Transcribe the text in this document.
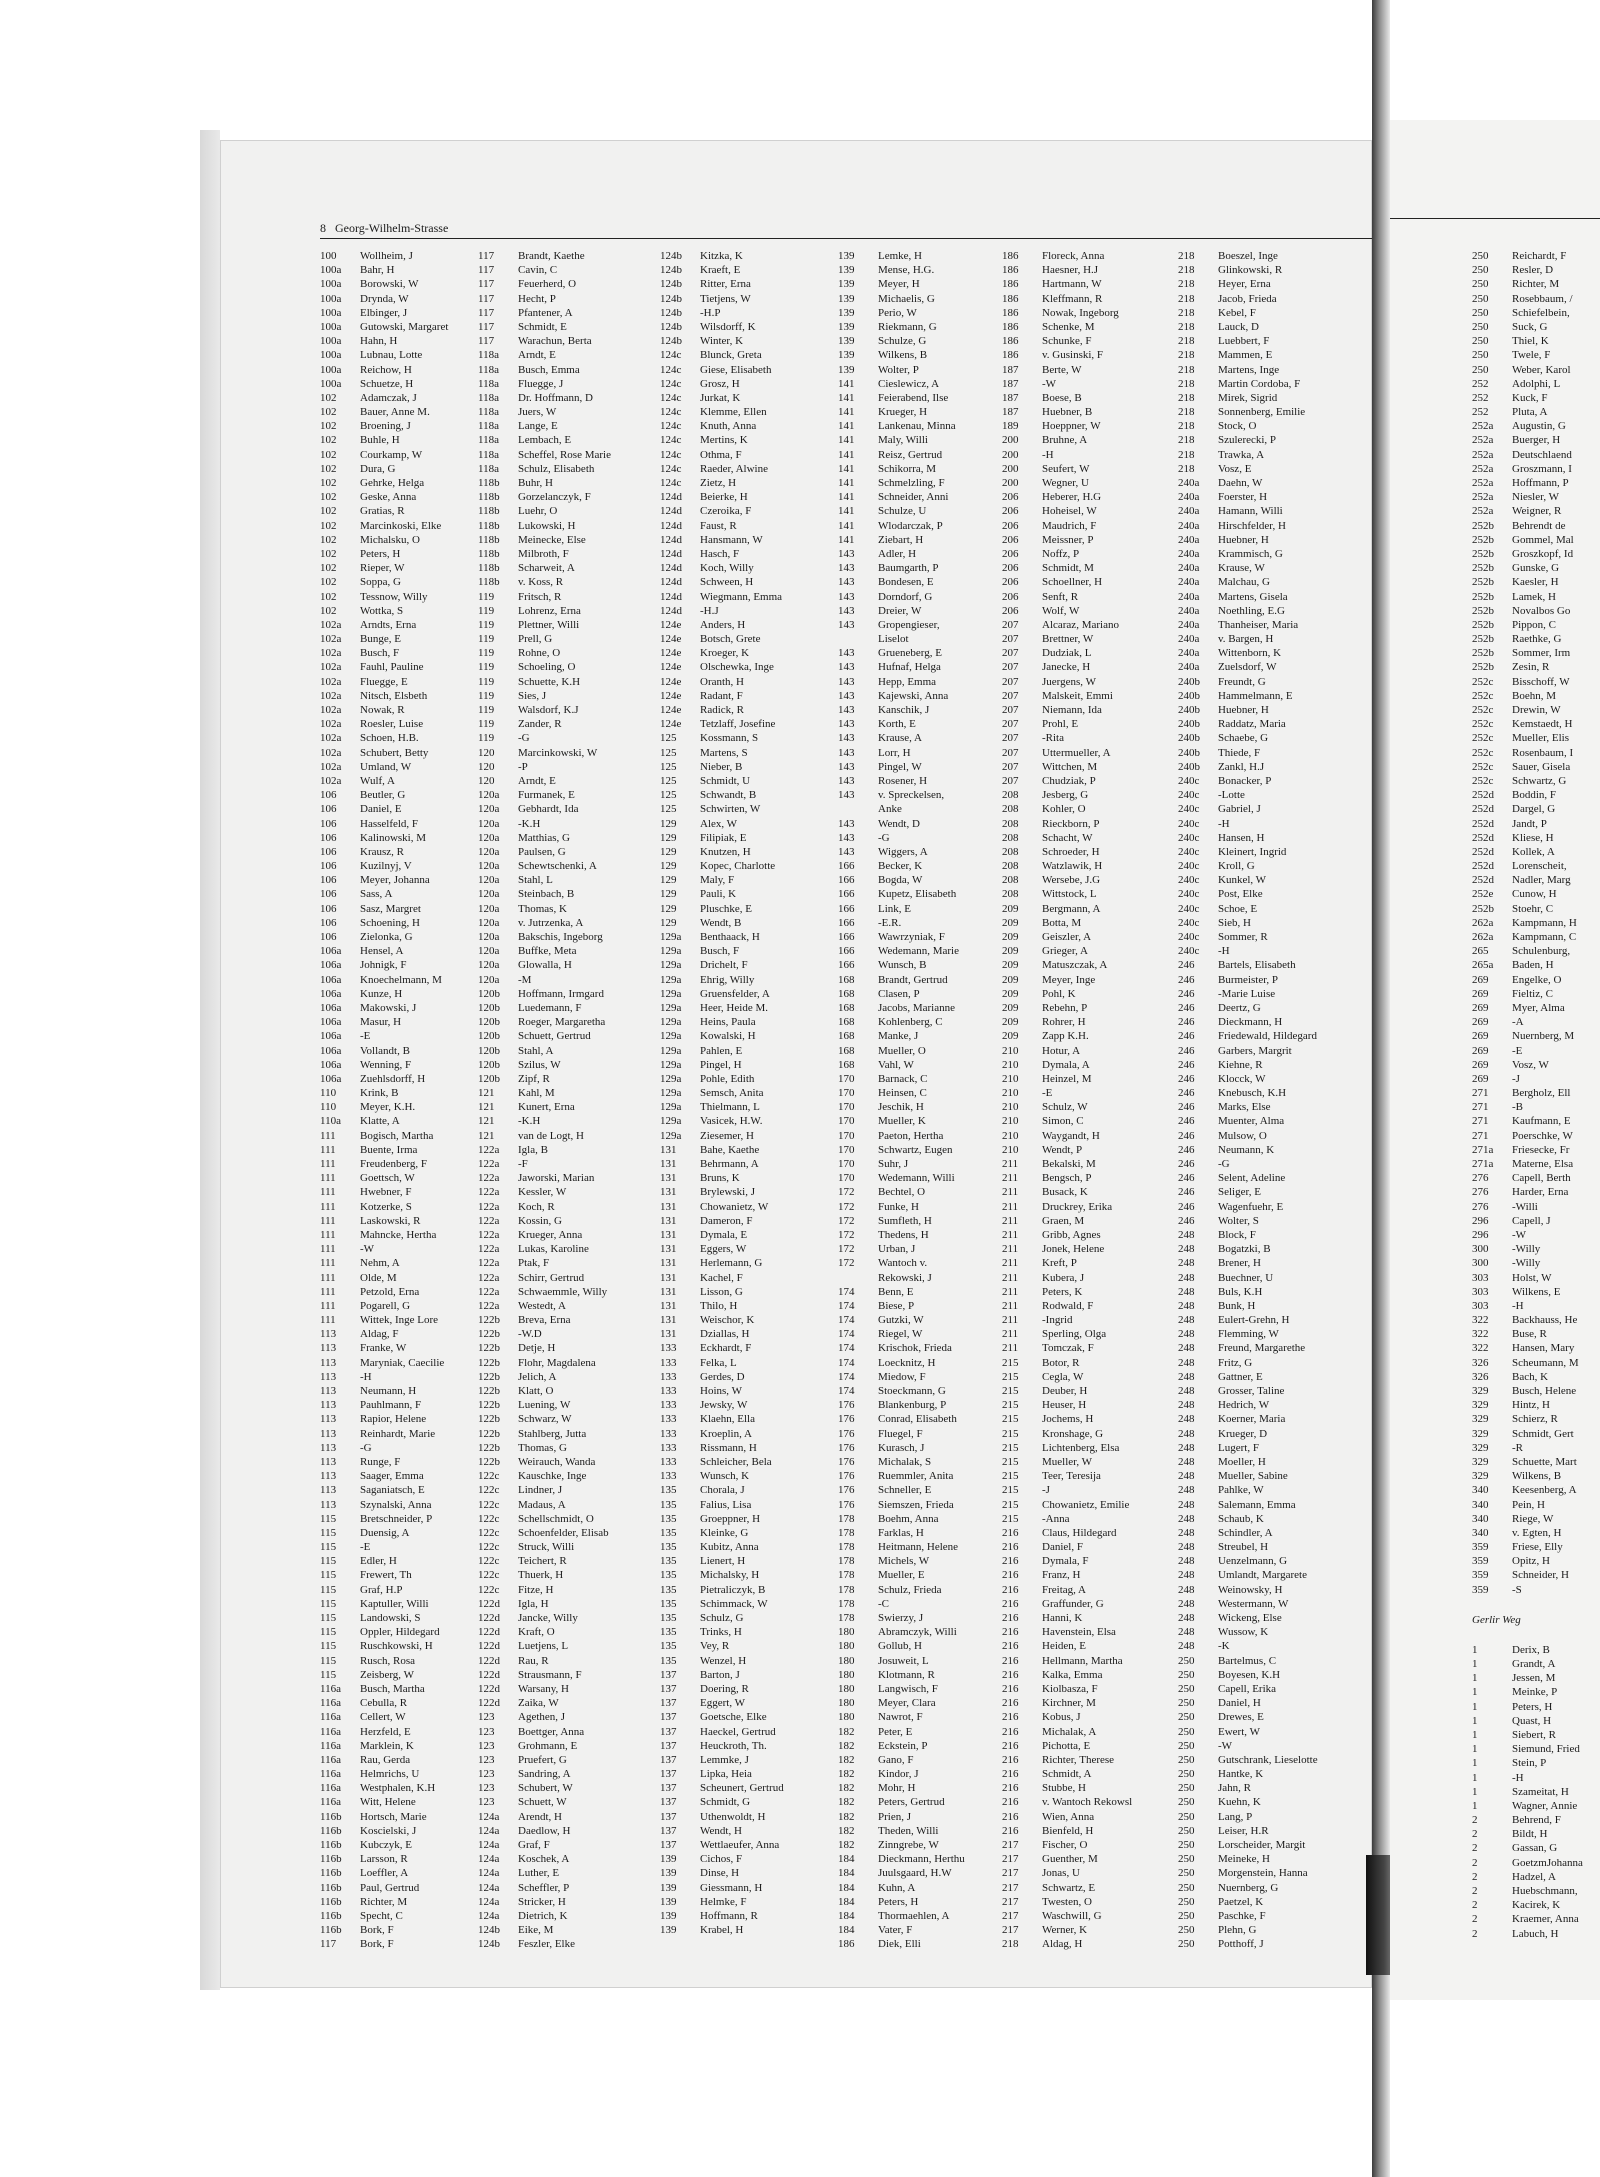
8 Georg-Wilhelm-Strasse
100 Wollheim, J
100a Bahr, H
100a Borowski, W
100a Drynda, W
100a Elbinger, J
100a Gutowski, Margaret
100a Hahn, H
100a Lubnau, Lotte
100a Reichow, H
100a Schuetze, H
102 Adamczak, J
102 Bauer, Anne M.
102 Broening, J
102 Buhle, H
102 Courkamp, W
102 Dura, G
102 Gehrke, Helga
102 Geske, Anna
102 Gratias, R
102 Marcinkoski, Elke
102 Michalsku, O
102 Peters, H
102 Rieper, W
102 Soppa, G
102 Tessnow, Willy
102 Wottka, S
102a Arndts, Erna
102a Bunge, E
102a Busch, F
102a Fauhl, Pauline
102a Fluegge, E
102a Nitsch, Elsbeth
102a Nowak, R
102a Roesler, Luise
102a Schoen, H.B.
102a Schubert, Betty
102a Umland, W
102a Wulf, A
106 Beutler, G
106 Daniel, E
106 Hasselfeld, F
106 Kalinowski, M
106 Krausz, R
106 Kuzilnyj, V
106 Meyer, Johanna
106 Sass, A
106 Sasz, Margret
106 Schoening, H
106 Zielonka, G
106a Hensel, A
106a Johnigk, F
106a Knoechelmann, M
106a Kunze, H
106a Makowski, J
106a Masur, H
106a -E
106a Vollandt, B
106a Wenning, F
106a Zuehlsdorff, H
110 Krink, B
110 Meyer, K.H.
110a Klatte, A
111 Bogisch, Martha
111 Buente, Irma
111 Freudenberg, F
111 Goettsch, W
111 Hwebner, F
111 Kotzerke, S
111 Laskowski, R
111 Mahncke, Hertha
111 -W
111 Nehm, A
111 Olde, M
111 Petzold, Erna
111 Pogarell, G
111 Wittek, Inge Lore
113 Aldag, F
113 Franke, W
113 Maryniak, Caecilie
113 -H
113 Neumann, H
113 Pauhlmann, F
113 Rapior, Helene
113 Reinhardt, Marie
113 -G
113 Runge, F
113 Saager, Emma
113 Saganiatsch, E
113 Szynalski, Anna
115 Bretschneider, P
115 Duensig, A
115 -E
115 Edler, H
115 Frewert, Th
115 Graf, H.P
115 Kaptuller, Willi
115 Landowski, S
115 Oppler, Hildegard
115 Ruschkowski, H
115 Rusch, Rosa
115 Zeisberg, W
116a Busch, Martha
116a Cebulla, R
116a Cellert, W
116a Herzfeld, E
116a Marklein, K
116a Rau, Gerda
116a Helmrichs, U
116a Westphalen, K.H
116a Witt, Helene
116b Hortsch, Marie
116b Koscielski, J
116b Kubczyk, E
116b Larsson, R
116b Loeffler, A
116b Paul, Gertrud
116b Richter, M
116b Specht, C
116b Bork, F
117 Bork, F
117 Brandt, Kaethe
117 Cavin, C
117 Feuerherd, O
117 Hecht, P
117 Pfantener, A
117 Schmidt, E
117 Warachun, Berta
118a Arndt, E
118a Busch, Emma
118a Fluegge, J
118a Dr. Hoffmann, D
118a Juers, W
118a Lange, E
118a Lembach, E
118a Scheffel, Rose Marie
118a Schulz, Elisabeth
118b Buhr, H
118b Gorzelanczyk, F
118b Luehr, O
118b Lukowski, H
118b Meinecke, Else
118b Milbroth, F
118b Scharweit, A
118b v. Koss, R
119 Fritsch, R
119 Lohrenz, Erna
119 Plettner, Willi
119 Prell, G
119 Rohne, O
119 Schoeling, O
119 Schuette, K.H
119 Sies, J
119 Walsdorf, K.J
119 Zander, R
119 -G
120 Marcinkowski, W
120 -P
120 Arndt, E
120a Furmanek, E
120a Gebhardt, Ida
120a -K.H
120a Matthias, G
120a Paulsen, G
120a Schewtschenki, A
120a Stahl, L
120a Steinbach, B
120a Thomas, K
120a v. Jutrzenka, A
120a Bakschis, Ingeborg
120a Buffke, Meta
120a Glowalla, H
120a -M
120b Hoffmann, Irmgard
120b Luedemann, F
120b Roeger, Margaretha
120b Schuett, Gertrud
120b Stahl, A
120b Szilus, W
120b Zipf, R
121 Kahl, M
121 Kunert, Erna
121 -K.H
121 van de Logt, H
122a Igla, B
122a -F
122a Jaworski, Marian
122a Kessler, W
122a Koch, R
122a Kossin, G
122a Krueger, Anna
122a Lukas, Karoline
122a Ptak, F
122a Schirr, Gertrud
122a Schwaemmle, Willy
122a Westedt, A
122b Breva, Erna
122b -W.D
122b Detje, H
122b Flohr, Magdalena
122b Jelich, A
122b Klatt, O
122b Luening, W
122b Schwarz, W
122b Stahlberg, Jutta
122b Thomas, G
122b Weirauch, Wanda
122c Kauschke, Inge
122c Lindner, J
122c Madaus, A
122c Schellschmidt, O
122c Schoenfelder, Elisab
122c Struck, Willi
122c Teichert, R
122c Thuerk, H
122c Fitze, H
122d Igla, H
122d Jancke, Willy
122d Kraft, O
122d Luetjens, L
122d Rau, R
122d Strausmann, F
122d Warsany, H
122d Zaika, W
123 Agethen, J
123 Boettger, Anna
123 Grohmann, E
123 Pruefert, G
123 Sandring, A
123 Schubert, W
123 Schuett, W
124a Arendt, H
124a Daedlow, H
124a Graf, F
124a Koschek, A
124a Luther, E
124a Scheffler, P
124a Stricker, H
124a Dietrich, K
124b Eike, M
124b Feszler, Elke
124b Kitzka, K
124b Kraeft, E
124b Ritter, Erna
124b Tietjens, W
124b -H.P
124b Wilsdorff, K
124b Winter, K
124c Blunck, Greta
124c Giese, Elisabeth
124c Grosz, H
124c Jurkat, K
124c Klemme, Ellen
124c Knuth, Anna
124c Mertins, K
124c Othma, F
124c Raeder, Alwine
124c Zietz, H
124d Beierke, H
124d Czeroika, F
124d Faust, R
124d Hansmann, W
124d Hasch, F
124d Koch, Willy
124d Schween, H
124d Wiegmann, Emma
124d -H.J
124e Anders, H
124e Botsch, Grete
124e Kroeger, K
124e Olschewka, Inge
124e Oranth, H
124e Radant, F
124e Radick, R
124e Tetzlaff, Josefine
125 Kossmann, S
125 Martens, S
125 Nieber, B
125 Schmidt, U
125 Schwandt, B
125 Schwirten, W
129 Alex, W
129 Filipiak, E
129 Knutzen, H
129 Kopec, Charlotte
129 Maly, F
129 Pauli, K
129 Pluschke, E
129 Wendt, B
129a Benthaack, H
129a Busch, F
129a Drichelt, F
129a Ehrig, Willy
129a Gruensfelder, A
129a Heer, Heide M.
129a Heins, Paula
129a Kowalski, H
129a Pahlen, E
129a Pingel, H
129a Pohle, Edith
129a Semsch, Anita
129a Thielmann, L
129a Vasicek, H.W.
129a Ziesemer, H
131 Bahe, Kaethe
131 Behrmann, A
131 Bruns, K
131 Brylewski, J
131 Chowanietz, W
131 Dameron, F
131 Dymala, E
131 Eggers, W
131 Herlemann, G
131 Kachel, F
131 Lisson, G
131 Thilo, H
131 Weischor, K
131 Dziallas, H
133 Eckhardt, F
133 Felka, L
133 Gerdes, D
133 Hoins, W
133 Jewsky, W
133 Klaehn, Ella
133 Kroeplin, A
133 Rissmann, H
133 Schleicher, Bela
133 Wunsch, K
135 Chorala, J
135 Falius, Lisa
135 Groeppner, H
135 Kleinke, G
135 Kubitz, Anna
135 Lienert, H
135 Michalsky, H
135 Pietraliczyk, B
135 Schimmack, W
135 Schulz, G
135 Trinks, H
135 Vey, R
135 Wenzel, H
137 Barton, J
137 Doering, R
137 Eggert, W
137 Goetsche, Elke
137 Haeckel, Gertrud
137 Heuckroth, Th.
137 Lemmke, J
137 Lipka, Heia
137 Scheunert, Gertrud
137 Schmidt, G
137 Uthenwoldt, H
137 Wendt, H
137 Wettlaeufer, Anna
139 Cichos, F
139 Dinse, H
139 Giessmann, H
139 Helmke, F
139 Hoffmann, R
139 Krabel, H
139 Lemke, H
139 Mense, H.G.
139 Meyer, H
139 Michaelis, G
139 Perio, W
139 Riekmann, G
139 Schulze, G
139 Wilkens, B
139 Wolter, P
141 Cieslewicz, A
141 Feierabend, Ilse
141 Krueger, H
141 Lankenau, Minna
141 Maly, Willi
141 Reisz, Gertrud
141 Schikorra, M
141 Schmelzling, F
141 Schneider, Anni
141 Schulze, U
141 Wlodarczak, P
141 Ziebart, H
143 Adler, H
143 Baumgarth, P
143 Bondesen, E
143 Dorndorf, G
143 Dreier, W
143 Gropengieser,
Liselot
143 Grueneberg, E
143 Hufnaf, Helga
143 Hepp, Emma
143 Kajewski, Anna
143 Kanschik, J
143 Korth, E
143 Krause, A
143 Lorr, H
143 Pingel, W
143 Rosener, H
143 v. Spreckelsen,
Anke
143 Wendt, D
143 -G
143 Wiggers, A
166 Becker, K
166 Bogda, W
166 Kupetz, Elisabeth
166 Link, E
166 -E.R.
166 Wawrzyniak, F
166 Wedemann, Marie
166 Wunsch, B
168 Brandt, Gertrud
168 Clasen, P
168 Jacobs, Marianne
168 Kohlenberg, C
168 Manke, J
168 Mueller, O
168 Vahl, W
170 Barnack, C
170 Heinsen, C
170 Jeschik, H
170 Mueller, K
170 Paeton, Hertha
170 Schwartz, Eugen
170 Suhr, J
170 Wedemann, Willi
172 Bechtel, O
172 Funke, H
172 Sumfleth, H
172 Thedens, H
172 Urban, J
172 Wantoch v.
Rekowski, J
174 Benn, E
174 Biese, P
174 Gutzki, W
174 Riegel, W
174 Krischok, Frieda
174 Loecknitz, H
174 Miedow, F
174 Stoeckmann, G
176 Blankenburg, P
176 Conrad, Elisabeth
176 Fluegel, F
176 Kurasch, J
176 Michalak, S
176 Ruemmler, Anita
176 Schneller, E
176 Siemszen, Frieda
178 Boehm, Anna
178 Farklas, H
178 Heitmann, Helene
178 Michels, W
178 Mueller, E
178 Schulz, Frieda
178 -C
178 Swierzy, J
180 Abramczyk, Willi
180 Gollub, H
180 Josuweit, L
180 Klotmann, R
180 Langwisch, F
180 Meyer, Clara
180 Nawrot, F
182 Peter, E
182 Eckstein, P
182 Gano, F
182 Kindor, J
182 Mohr, H
182 Peters, Gertrud
182 Prien, J
182 Theden, Willi
182 Zinngrebe, W
184 Dieckmann, Herthu
184 Juulsgaard, H.W
184 Kuhn, A
184 Peters, H
184 Thormaehlen, A
184 Vater, F
186 Diek, Elli
186 Floreck, Anna
186 Haesner, H.J
186 Hartmann, W
186 Kleffmann, R
186 Nowak, Ingeborg
186 Schenke, M
186 Schunke, F
186 v. Gusinski, F
187 Berte, W
187 -W
187 Boese, B
187 Huebner, B
189 Hoeppner, W
200 Bruhne, A
200 -H
200 Seufert, W
200 Wegner, U
206 Heberer, H.G
206 Hoheisel, W
206 Maudrich, F
206 Meissner, P
206 Noffz, P
206 Schmidt, M
206 Schoellner, H
206 Senft, R
206 Wolf, W
207 Alcaraz, Mariano
207 Brettner, W
207 Dudziak, L
207 Janecke, H
207 Juergens, W
207 Malskeit, Emmi
207 Niemann, Ida
207 Prohl, E
207 -Rita
207 Uttermueller, A
207 Wittchen, M
207 Chudziak, P
208 Jesberg, G
208 Kohler, O
208 Rieckborn, P
208 Schacht, W
208 Schroeder, H
208 Watzlawik, H
208 Wersebe, J.G
208 Wittstock, L
209 Bergmann, A
209 Botta, M
209 Geiszler, A
209 Grieger, A
209 Matuszczak, A
209 Meyer, Inge
209 Pohl, K
209 Rebehn, P
209 Rohrer, H
209 Zapp K.H.
210 Hotur, A
210 Dymala, A
210 Heinzel, M
210 -E
210 Schulz, W
210 Simon, C
210 Waygandt, H
210 Wendt, P
211 Bekalski, M
211 Bengsch, P
211 Busack, K
211 Druckrey, Erika
211 Graen, M
211 Gribb, Agnes
211 Jonek, Helene
211 Kreft, P
211 Kubera, J
211 Peters, K
211 Rodwald, F
211 -Ingrid
211 Sperling, Olga
211 Tomczak, F
215 Botor, R
215 Cegla, W
215 Deuber, H
215 Heuser, H
215 Jochems, H
215 Kronshage, G
215 Lichtenberg, Elsa
215 Mueller, W
215 Teer, Teresija
215 -J
215 Chowanietz, Emilie
215 -Anna
216 Claus, Hildegard
216 Daniel, F
216 Dymala, F
216 Franz, H
216 Freitag, A
216 Graffunder, G
216 Hanni, K
216 Havenstein, Elsa
216 Heiden, E
216 Hellmann, Martha
216 Kalka, Emma
216 Kiolbasza, F
216 Kirchner, M
216 Kobus, J
216 Michalak, A
216 Pichotta, E
216 Richter, Therese
216 Schmidt, A
216 Stubbe, H
216 v. Wantoch Rekowsl
216 Wien, Anna
216 Bienfeld, H
217 Fischer, O
217 Guenther, M
217 Jonas, U
217 Schwartz, E
217 Twesten, O
217 Waschwill, G
217 Werner, K
218 Aldag, H
218 Boeszel, Inge
218 Glinkowski, R
218 Heyer, Erna
218 Jacob, Frieda
218 Kebel, F
218 Lauck, D
218 Luebbert, F
218 Mammen, E
218 Martens, Inge
218 Martin Cordoba, F
218 Mirek, Sigrid
218 Sonnenberg, Emilie
218 Stock, O
218 Szulerecki, P
218 Trawka, A
218 Vosz, E
240a Daehn, W
240a Foerster, H
240a Hamann, Willi
240a Hirschfelder, H
240a Huebner, H
240a Krammisch, G
240a Krause, W
240a Malchau, G
240a Martens, Gisela
240a Noethling, E.G
240a Thanheiser, Maria
240a v. Bargen, H
240a Wittenborn, K
240a Zuelsdorf, W
240b Freundt, G
240b Hammelmann, E
240b Huebner, H
240b Raddatz, Maria
240b Schaebe, G
240b Thiede, F
240b Zankl, H.J
240c Bonacker, P
240c -Lotte
240c Gabriel, J
240c -H
240c Hansen, H
240c Kleinert, Ingrid
240c Kroll, G
240c Kunkel, W
240c Post, Elke
240c Schoe, E
240c Sieb, H
240c Sommer, R
240c -H
246 Bartels, Elisabeth
246 Burmeister, P
246 -Marie Luise
246 Deertz, G
246 Dieckmann, H
246 Friedewald, Hildegard
246 Garbers, Margrit
246 Kiehne, R
246 Klocck, W
246 Knebusch, K.H
246 Marks, Else
246 Muenter, Alma
246 Mulsow, O
246 Neumann, K
246 -G
246 Selent, Adeline
246 Seliger, E
246 Wagenfuehr, E
246 Wolter, S
248 Block, F
248 Bogatzki, B
248 Brener, H
248 Buechner, U
248 Buls, K.H
248 Bunk, H
248 Eulert-Grehn, H
248 Flemming, W
248 Freund, Margarethe
248 Fritz, G
248 Gattner, E
248 Grosser, Taline
248 Hedrich, W
248 Koerner, Maria
248 Krueger, D
248 Lugert, F
248 Moeller, H
248 Mueller, Sabine
248 Pahlke, W
248 Salemann, Emma
248 Schaub, K
248 Schindler, A
248 Streubel, H
248 Uenzelmann, G
248 Umlandt, Margarete
248 Weinowsky, H
248 Westermann, W
248 Wickeng, Else
248 Wussow, K
248 -K
250 Bartelmus, C
250 Boyesen, K.H
250 Capell, Erika
250 Daniel, H
250 Drewes, E
250 Ewert, W
250 -W
250 Gutschrank, Lieselotte
250 Hantke, K
250 Jahn, R
250 Kuehn, K
250 Lang, P
250 Leiser, H.R
250 Lorscheider, Margit
250 Meineke, H
250 Morgenstein, Hanna
250 Nuernberg, G
250 Paetzel, K
250 Paschke, F
250 Plehn, G
250 Potthoff, J
250 Reichardt, F
250 Resler, D
250 Richter, M
250 Rosebbaum, /
250 Schiefelbein,
250 Suck, G
250 Thiel, K
250 Twele, F
250 Weber, Karol
252 Adolphi, L
252 Kuck, F
252 Pluta, A
252a Augustin, G
252a Buerger, H
252a Deutschlaend
252a Groszmann, I
252a Hoffmann, P
252a Niesler, W
252a Weigner, R
252b Behrendt de
252b Gommel, Mal
252b Groszkopf, Id
252b Gunske, G
252b Kaesler, H
252b Lamek, H
252b Novalbos Go
252b Pippon, C
252b Raethke, G
252b Sommer, Irm
252b Zesin, R
252c Bisschoff, W
252c Boehn, M
252c Drewin, W
252c Kemstaedt, H
252c Mueller, Elis
252c Rosenbaum, I
252c Sauer, Gisela
252c Schwartz, G
252d Boddin, F
252d Dargel, G
252d Jandt, P
252d Kliese, H
252d Kollek, A
252d Lorenscheit,
252d Nadler, Marg
252e Cunow, H
252b Stoehr, C
262a Kampmann, H
262a Kampmann, C
265 Schulenburg,
265a Baden, H
269 Engelke, O
269 Fieltiz, C
269 Myer, Alma
269 -A
269 Nuernberg, M
269 -E
269 Vosz, W
269 -J
271 Bergholz, Ell
271 -B
271 Kaufmann, E
271 Poerschke, W
271a Friesecke, Fr
271a Materne, Elsa
276 Capell, Berth
276 Harder, Erna
276 -Willi
296 Capell, J
296 -W
300 -Willy
300 -Willy
303 Holst, W
303 Wilkens, E
303 -H
322 Backhauss, He
322 Buse, R
322 Hansen, Mary
326 Scheumann, M
326 Bach, K
329 Busch, Helene
329 Hintz, H
329 Schierz, R
329 Schmidt, Gert
329 -R
329 Schuette, Mart
329 Wilkens, B
340 Keesenberg, A
340 Pein, H
340 Riege, W
340 v. Egten, H
359 Friese, Elly
359 Opitz, H
359 Schneider, H
359 -S
Gerlir Weg
1	Derix, B
1	Grandt, A
1	Jessen, M
1	Meinke, P
1	Peters, H
1	Quast, H
1	Siebert, R
1	Siemund, Fried
1	Stein, P
1	-H
1	Szameitat, H
1	Wagner, Annie
2	Behrend, F
2	Bildt, H
2	Gassan, G
2	GoetzmJohanna
2	Hadzel, A
2	Huebschmann,
2	Kacirek, K
2	Kraemer, Anna
2	Labuch, H
